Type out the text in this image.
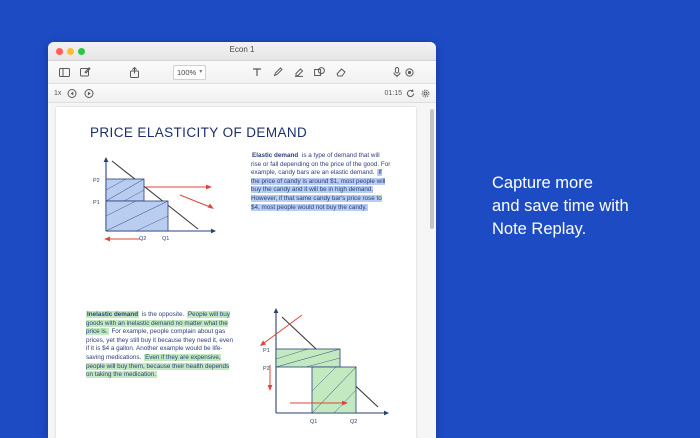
Econ 1
100% ▾
1x	01:15
PRICE ELASTICITY OF DEMAND
P2
P1
Q2	Q1
Elastic demand is a type of demand that will rise or fall depending on the price of the good. For example, candy bars are an elastic demand. If the price of candy is around $1, most people will buy the candy and it will be in high demand. However, if that same candy bar's price rose to $4, most people would not buy the candy.
Inelastic demand is the opposite. People will buy goods with an inelastic demand no matter what the price is. For example, people complain about gas prices, yet they still buy it because they need it, even if it is $4 a gallon. Another example would be life-saving medications. Even if they are expensive, people will buy them, because their health depends on taking the medication.
P1
P2
Q1	Q2
Capture more
and save time with
Note Replay.
